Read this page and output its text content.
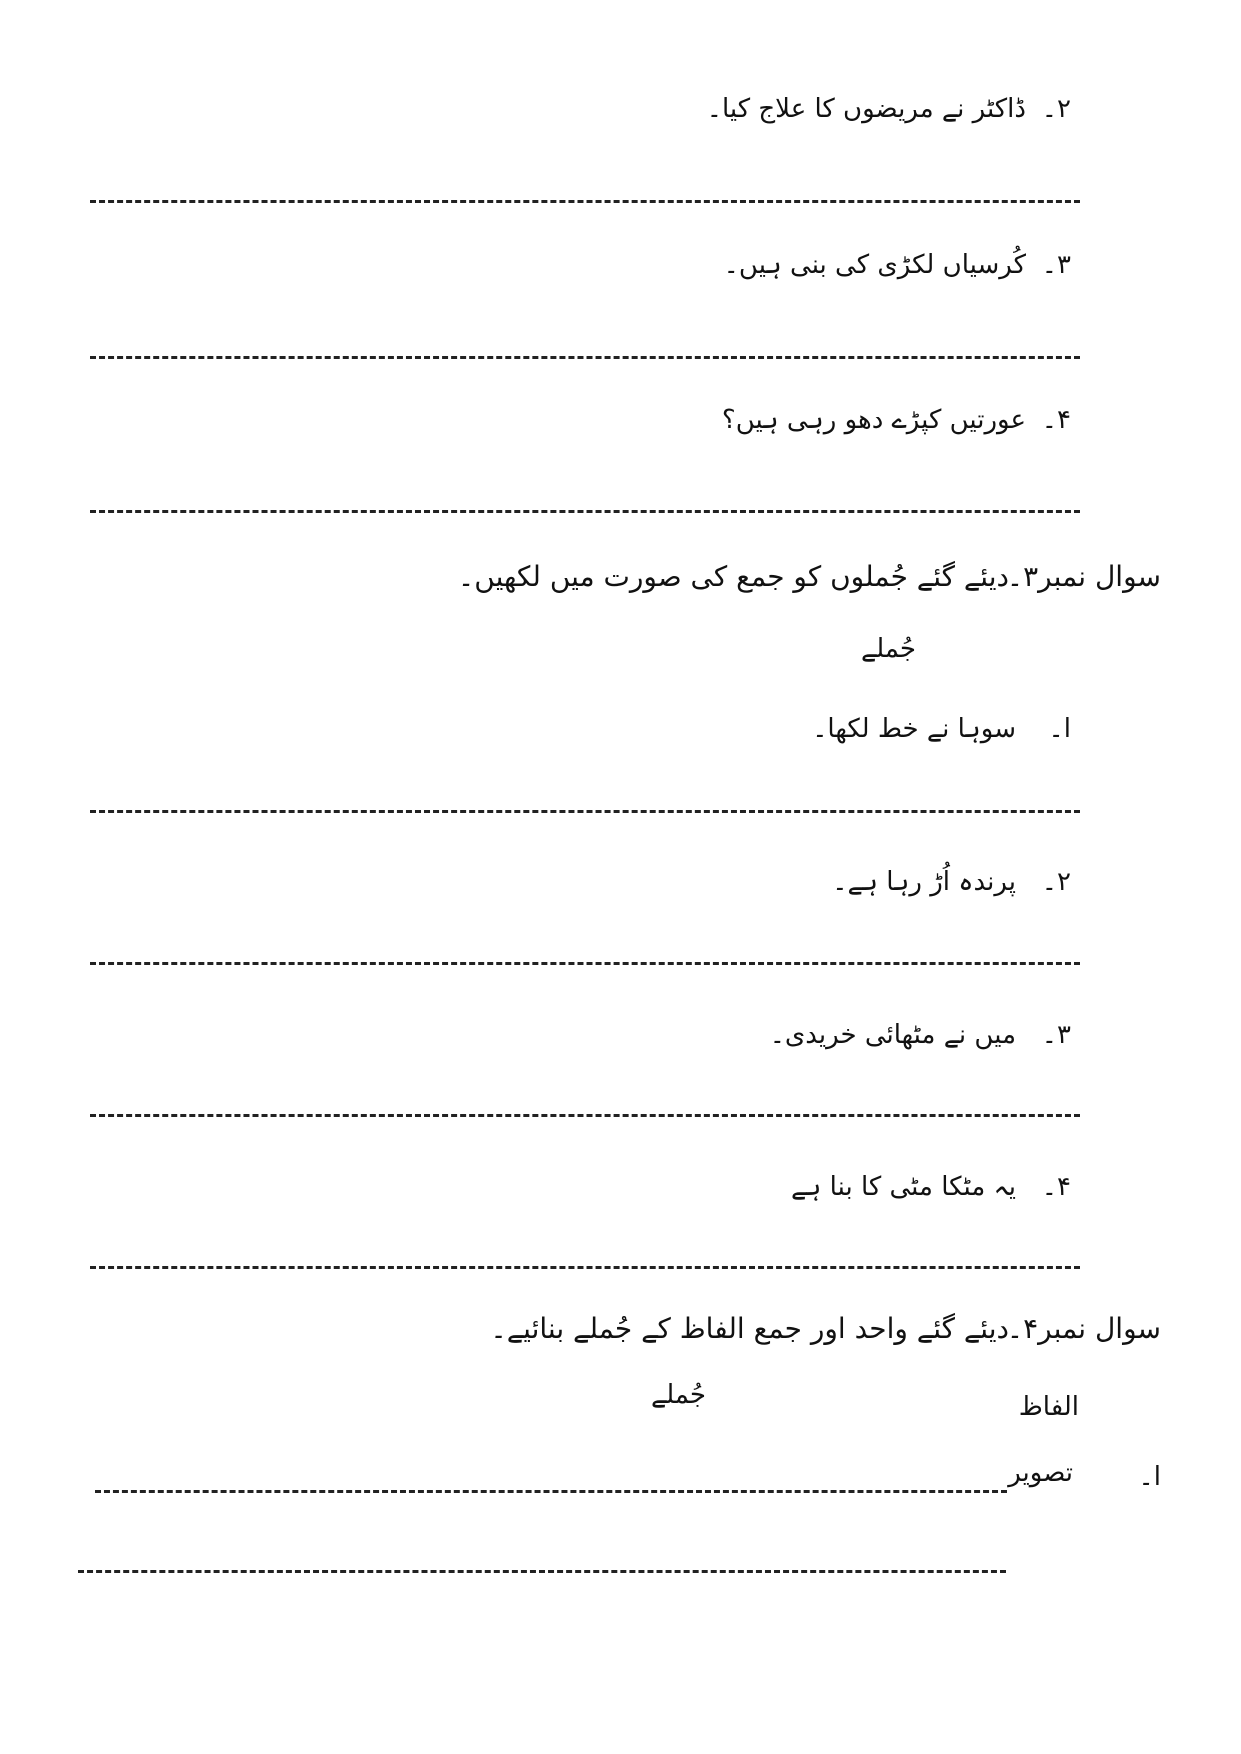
۲۔
ڈاکٹر نے مریضوں کا علاج کیا۔
۳۔
کُرسیاں لکڑی کی بنی ہیں۔
۴۔
عورتیں کپڑے دھو رہی ہیں؟
سوال نمبر۳۔
دیئے گئے جُملوں کو جمع کی صورت میں لکھیں۔
جُملے
ا۔
سوہا نے خط لکھا۔
۲۔
پرندہ اُڑ رہا ہے۔
۳۔
میں نے مٹھائی خریدی۔
۴۔
یہ مٹکا مٹی کا بنا ہے
سوال نمبر۴۔
دیئے گئے واحد اور جمع الفاظ کے جُملے بنائیے۔
الفاظ
جُملے
ا۔
تصویر
